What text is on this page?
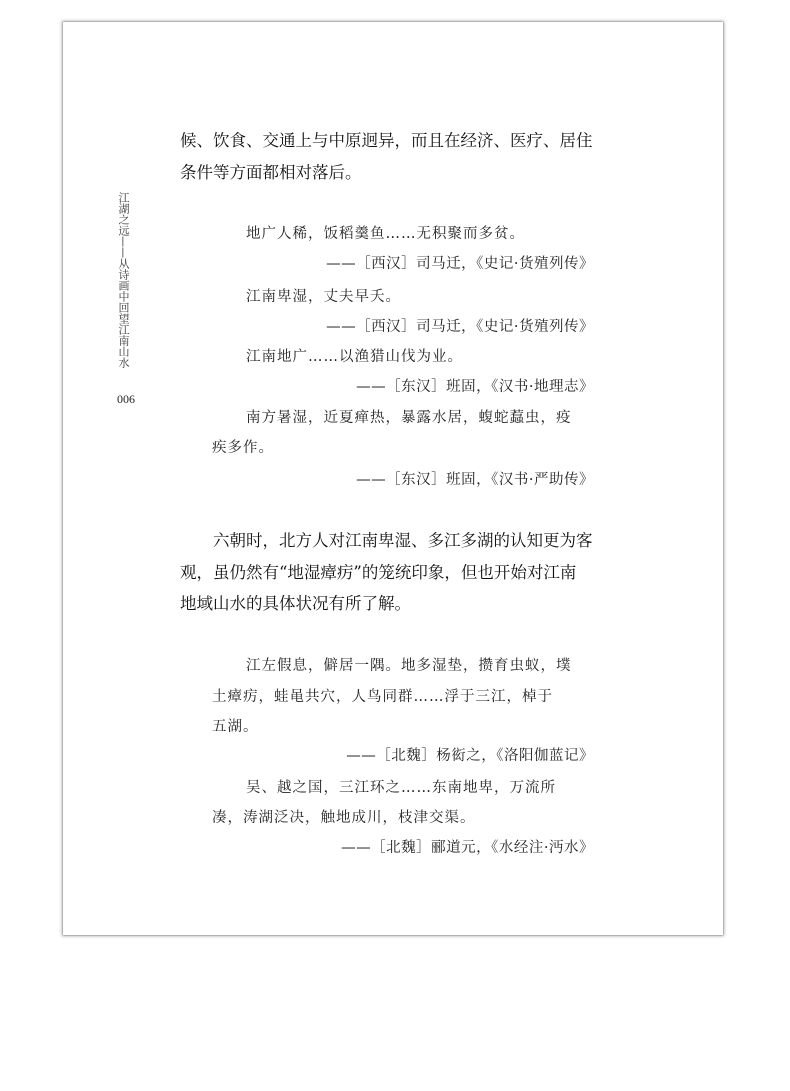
江湖之远——从诗画中回望江南山水
006
候、饮食、交通上与中原迥异，而且在经济、医疗、居住
条件等方面都相对落后。
地广人稀，饭稻羹鱼……无积聚而多贫。
——［西汉］司马迁，《史记·货殖列传》
江南卑湿，丈夫早夭。
——［西汉］司马迁，《史记·货殖列传》
江南地广……以渔猎山伐为业。
——［东汉］班固，《汉书·地理志》
南方暑湿，近夏瘅热，暴露水居，蝮蛇蠚虫，疫
疾多作。
——［东汉］班固，《汉书·严助传》
六朝时，北方人对江南卑湿、多江多湖的认知更为客
观，虽仍然有“地湿瘴疠”的笼统印象，但也开始对江南
地域山水的具体状况有所了解。
江左假息，僻居一隅。地多湿垫，攒育虫蚁，墣
土瘴疠，蛙黾共穴，人鸟同群……浮于三江，棹于
五湖。
——［北魏］杨衒之，《洛阳伽蓝记》
吴、越之国，三江环之……东南地卑，万流所
凑，涛湖泛决，触地成川，枝津交渠。
——［北魏］郦道元，《水经注·沔水》
